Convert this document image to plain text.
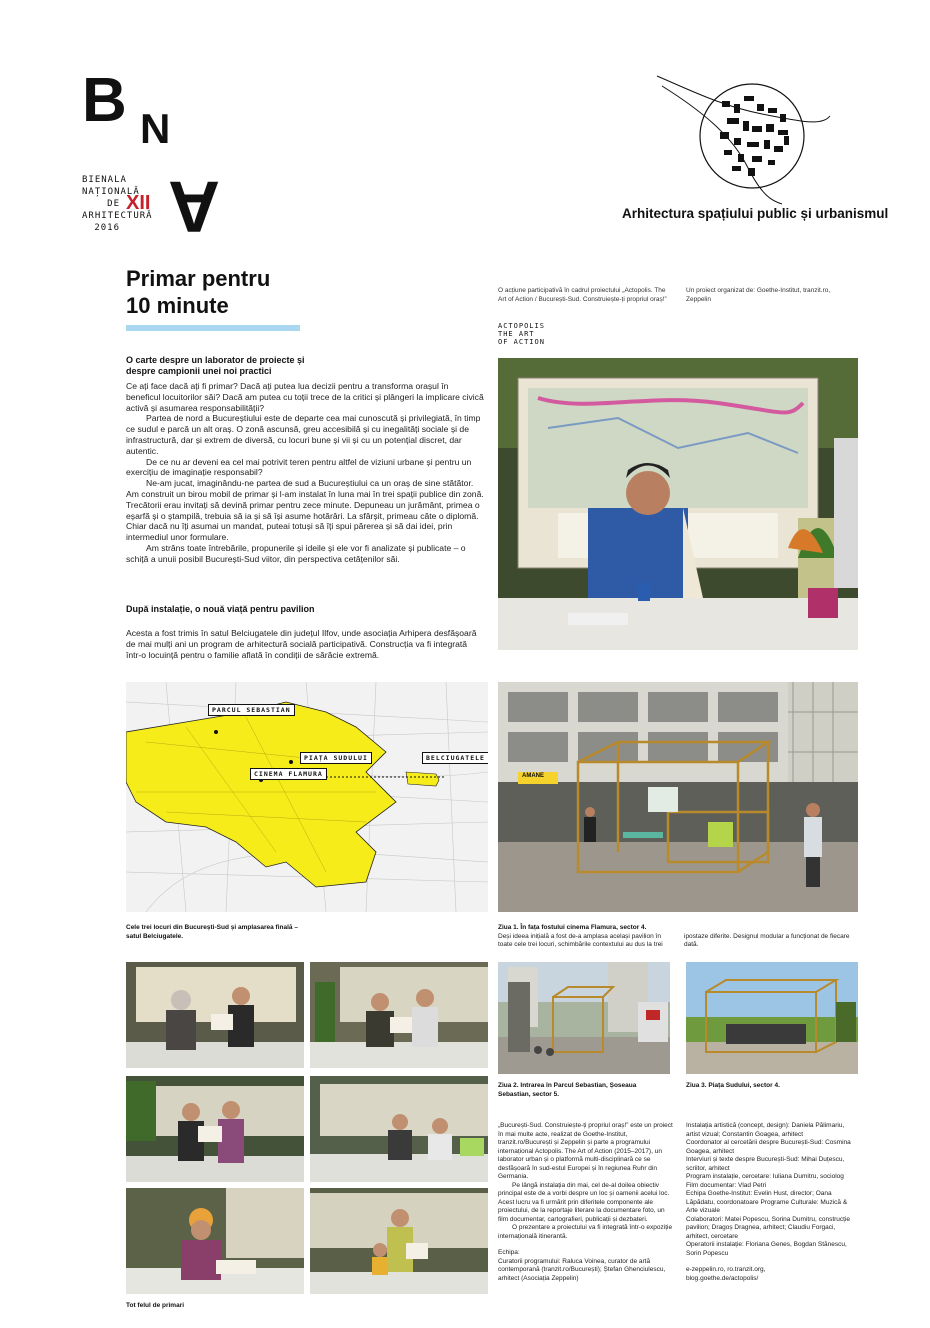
B N
A
BIENALA
NAȚIONALĂ
DE
ARHITECTURĂ
2016
XII	Arhitectura spațiului public și urbanismul
Primar pentru
10 minute
O acțiune participativă în cadrul proiectului „Actopolis. The Art of Action / București-Sud. Construiește-ți propriul oraș!”
Un proiect organizat de: Goethe-Institut, tranzit.ro, Zeppelin
ACTOPOLIS
THE ART
OF ACTION
O carte despre un laborator de proiecte și despre campionii unei noi practici

Ce ați face dacă ați fi primar? Dacă ați putea lua decizii pentru a transforma orașul în beneficul locuitorilor săi? Dacă am putea cu toții trece de la critici și plângeri la implicare civică activă și asumarea responsabilității?

Partea de nord a Bucureștiului este de departe cea mai cunoscută și privilegiată, în timp ce sudul e parcă un alt oraș. O zonă ascunsă, greu accesibilă și cu inegalități sociale și de infrastructură, dar și extrem de diversă, cu locuri bune și vii și cu un potențial discret, dar autentic.

De ce nu ar deveni ea cel mai potrivit teren pentru altfel de viziuni urbane și pentru un exercițiu de imaginație responsabil?

Ne-am jucat, imaginându-ne partea de sud a Bucureștiului ca un oraș de sine stătător. Am construit un birou mobil de primar și l-am instalat în luna mai în trei spații publice din zonă. Trecătorii erau invitați să devină primar pentru zece minute. Depuneau un jurământ, primea o eșarfă și o ștampilă, trebuia să ia și să își asume hotărâri. La sfârșit, primeau câte o diplomă. Chiar dacă nu îți asumai un mandat, puteai totuși să îți spui părerea și să dai idei, prin intermediul unor formulare.

Am strâns toate întrebările, propunerile și ideile și ele vor fi analizate și publicate – o schiță a unuii posibil București-Sud viitor, din perspectiva cetățenilor săi.

După instalație, o nouă viață pentru pavilion
Acesta a fost trimis în satul Belciugatele din județul Ilfov, unde asociația Arhipera desfășoară de mai mulți ani un program de arhitectură socială participativă. Construcția va fi integrată într-o locuință pentru o familie aflată în condiții de sărăcie extremă.
PARCUL SEBASTIAN
PIAȚA SUDULUI
CINEMA FLAMURA
BELCIUGATELE
Cele trei locuri din București-Sud și amplasarea finală – satul Belciugatele.
AMANE
Ziua 1. În fața fostului cinema Flamura, sector 4.
Deși ideea inițială a fost de-a amplasa același pavilion în toate cele trei locuri, schimbările contextului au dus la trei ipostaze diferite. Designul modular a funcționat de fiecare dată.
Tot felul de primari
Ziua 2. Intrarea în Parcul Sebastian, Șoseaua Sebastian, sector 5.
Ziua 3. Piața Sudului, sector 4.
„București-Sud. Construiește-ți propriul oraș!” este un proiect în mai multe acte, realizat de Goethe-Institut, tranzit.ro/București și Zeppelin și parte a programului internațional Actopolis. The Art of Action (2015–2017), un laborator urban și o platformă multi-disciplinară ce se desfășoară în sud-estul Europei și în regiunea Ruhr din Germania.
Pe lângă instalația din mai, cel de-al doilea obiectiv principal este de a vorbi despre un loc și oamenii acelui loc. Acest lucru va fi urmărit prin diferitele componente ale proiectului, de la reportaje literare la documentare foto, un film documentar, cartografieri, publicații și dezbateri.
O prezentare a proiectului va fi integrată într-o expoziție internațională itinerantă.
Echipa:
Curatorii programului: Raluca Voinea, curator de artă contemporană (tranzit.ro/București); Ștefan Ghenciulescu, arhitect (Asociația Zeppelin)
Instalația artistică (concept, design): Daniela Pălimariu, artist vizual; Constantin Goagea, arhitect
Coordonator al cercetării despre București-Sud: Cosmina Goagea, arhitect
Interviuri și texte despre București-Sud: Mihai Duțescu, scriitor, arhitect
Program instalație, cercetare: Iuliana Dumitru, sociolog
Film documentar: Vlad Petri
Echipa Goethe-Institut: Evelin Hust, director; Oana Lăpădatu, coordonatoare Programe Culturale: Muzică & Arte vizuale
Colaboratori: Matei Popescu, Sorina Dumitru, construcție pavilion; Dragoș Dragnea, arhitect; Claudiu Forgaci, arhitect, cercetare
Operatorii instalație: Floriana Genes, Bogdan Stănescu, Sorin Popescu
e-zeppelin.ro, ro.tranzit.org,
blog.goethe.de/actopolis/
